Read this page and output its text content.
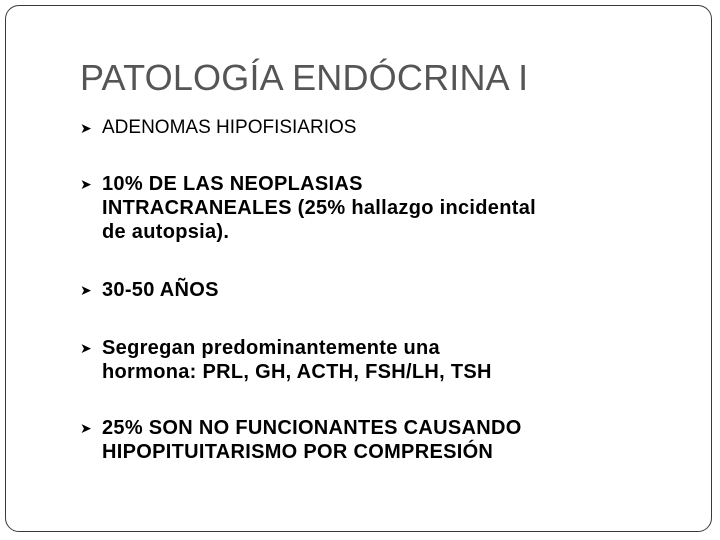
PATOLOGÍA ENDÓCRINA I
➤ ADENOMAS HIPOFISIARIOS
➤ 10% DE LAS NEOPLASIAS
INTRACRANEALES (25% hallazgo incidental
de autopsia).
➤ 30-50 AÑOS
➤ Segregan predominantemente una
hormona: PRL, GH, ACTH, FSH/LH, TSH
➤ 25% SON NO FUNCIONANTES CAUSANDO
HIPOPITUITARISMO POR COMPRESIÓN
